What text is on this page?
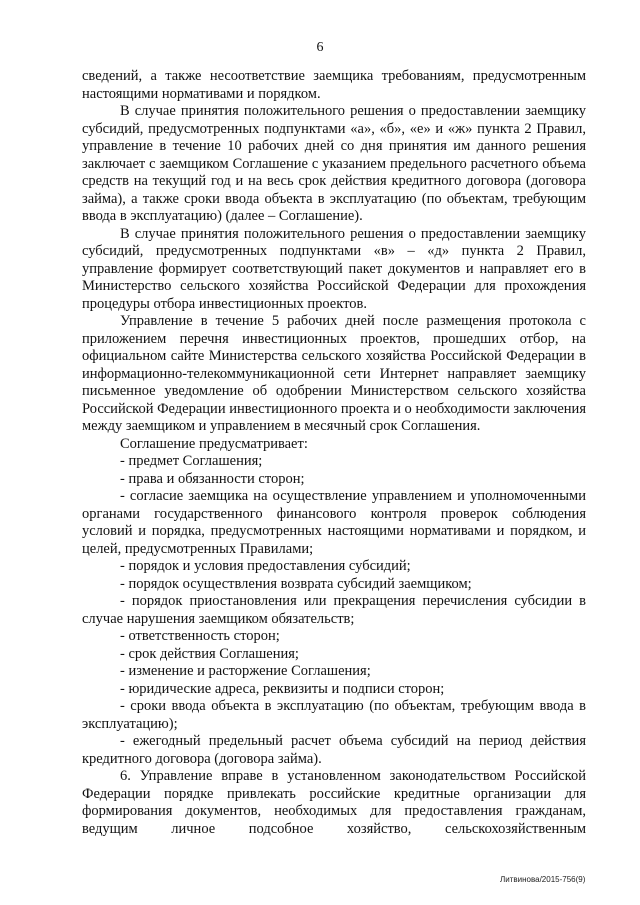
6

сведений, а также несоответствие заемщика требованиям, предусмотренным настоящими нормативами и порядком.

В случае принятия положительного решения о предоставлении заемщику субсидий, предусмотренных подпунктами «а», «б», «е» и «ж» пункта 2 Правил, управление в течение 10 рабочих дней со дня принятия им данного решения заключает с заемщиком Соглашение с указанием предельного расчетного объема средств на текущий год и на весь срок действия кредитного договора (договора займа), а также сроки ввода объекта в эксплуатацию (по объектам, требующим ввода в эксплуатацию) (далее – Соглашение).

В случае принятия положительного решения о предоставлении заемщику субсидий, предусмотренных подпунктами «в» – «д» пункта 2 Правил, управление формирует соответствующий пакет документов и направляет его в Министерство сельского хозяйства Российской Федерации для прохождения процедуры отбора инвестиционных проектов.

Управление в течение 5 рабочих дней после размещения протокола с приложением перечня инвестиционных проектов, прошедших отбор, на официальном сайте Министерства сельского хозяйства Российской Федерации в информационно-телекоммуникационной сети Интернет направляет заемщику письменное уведомление об одобрении Министерством сельского хозяйства Российской Федерации инвестиционного проекта и о необходимости заключения между заемщиком и управлением в месячный срок Соглашения.

Соглашение предусматривает:

- предмет Соглашения;

- права и обязанности сторон;

- согласие заемщика на осуществление управлением и уполномоченными органами государственного финансового контроля проверок соблюдения условий и порядка, предусмотренных настоящими нормативами и порядком, и целей, предусмотренных Правилами;

- порядок и условия предоставления субсидий;

- порядок осуществления возврата субсидий заемщиком;

- порядок приостановления или прекращения перечисления субсидии в случае нарушения заемщиком обязательств;

- ответственность сторон;

- срок действия Соглашения;

- изменение и расторжение Соглашения;

- юридические адреса, реквизиты и подписи сторон;

- сроки ввода объекта в эксплуатацию (по объектам, требующим ввода в эксплуатацию);

- ежегодный предельный расчет объема субсидий на период действия кредитного договора (договора займа).

6. Управление вправе в установленном законодательством Российской Федерации порядке привлекать российские кредитные организации для формирования документов, необходимых для предоставления гражданам, ведущим личное подсобное хозяйство, сельскохозяйственным

Литвинова/2015-756(9)
